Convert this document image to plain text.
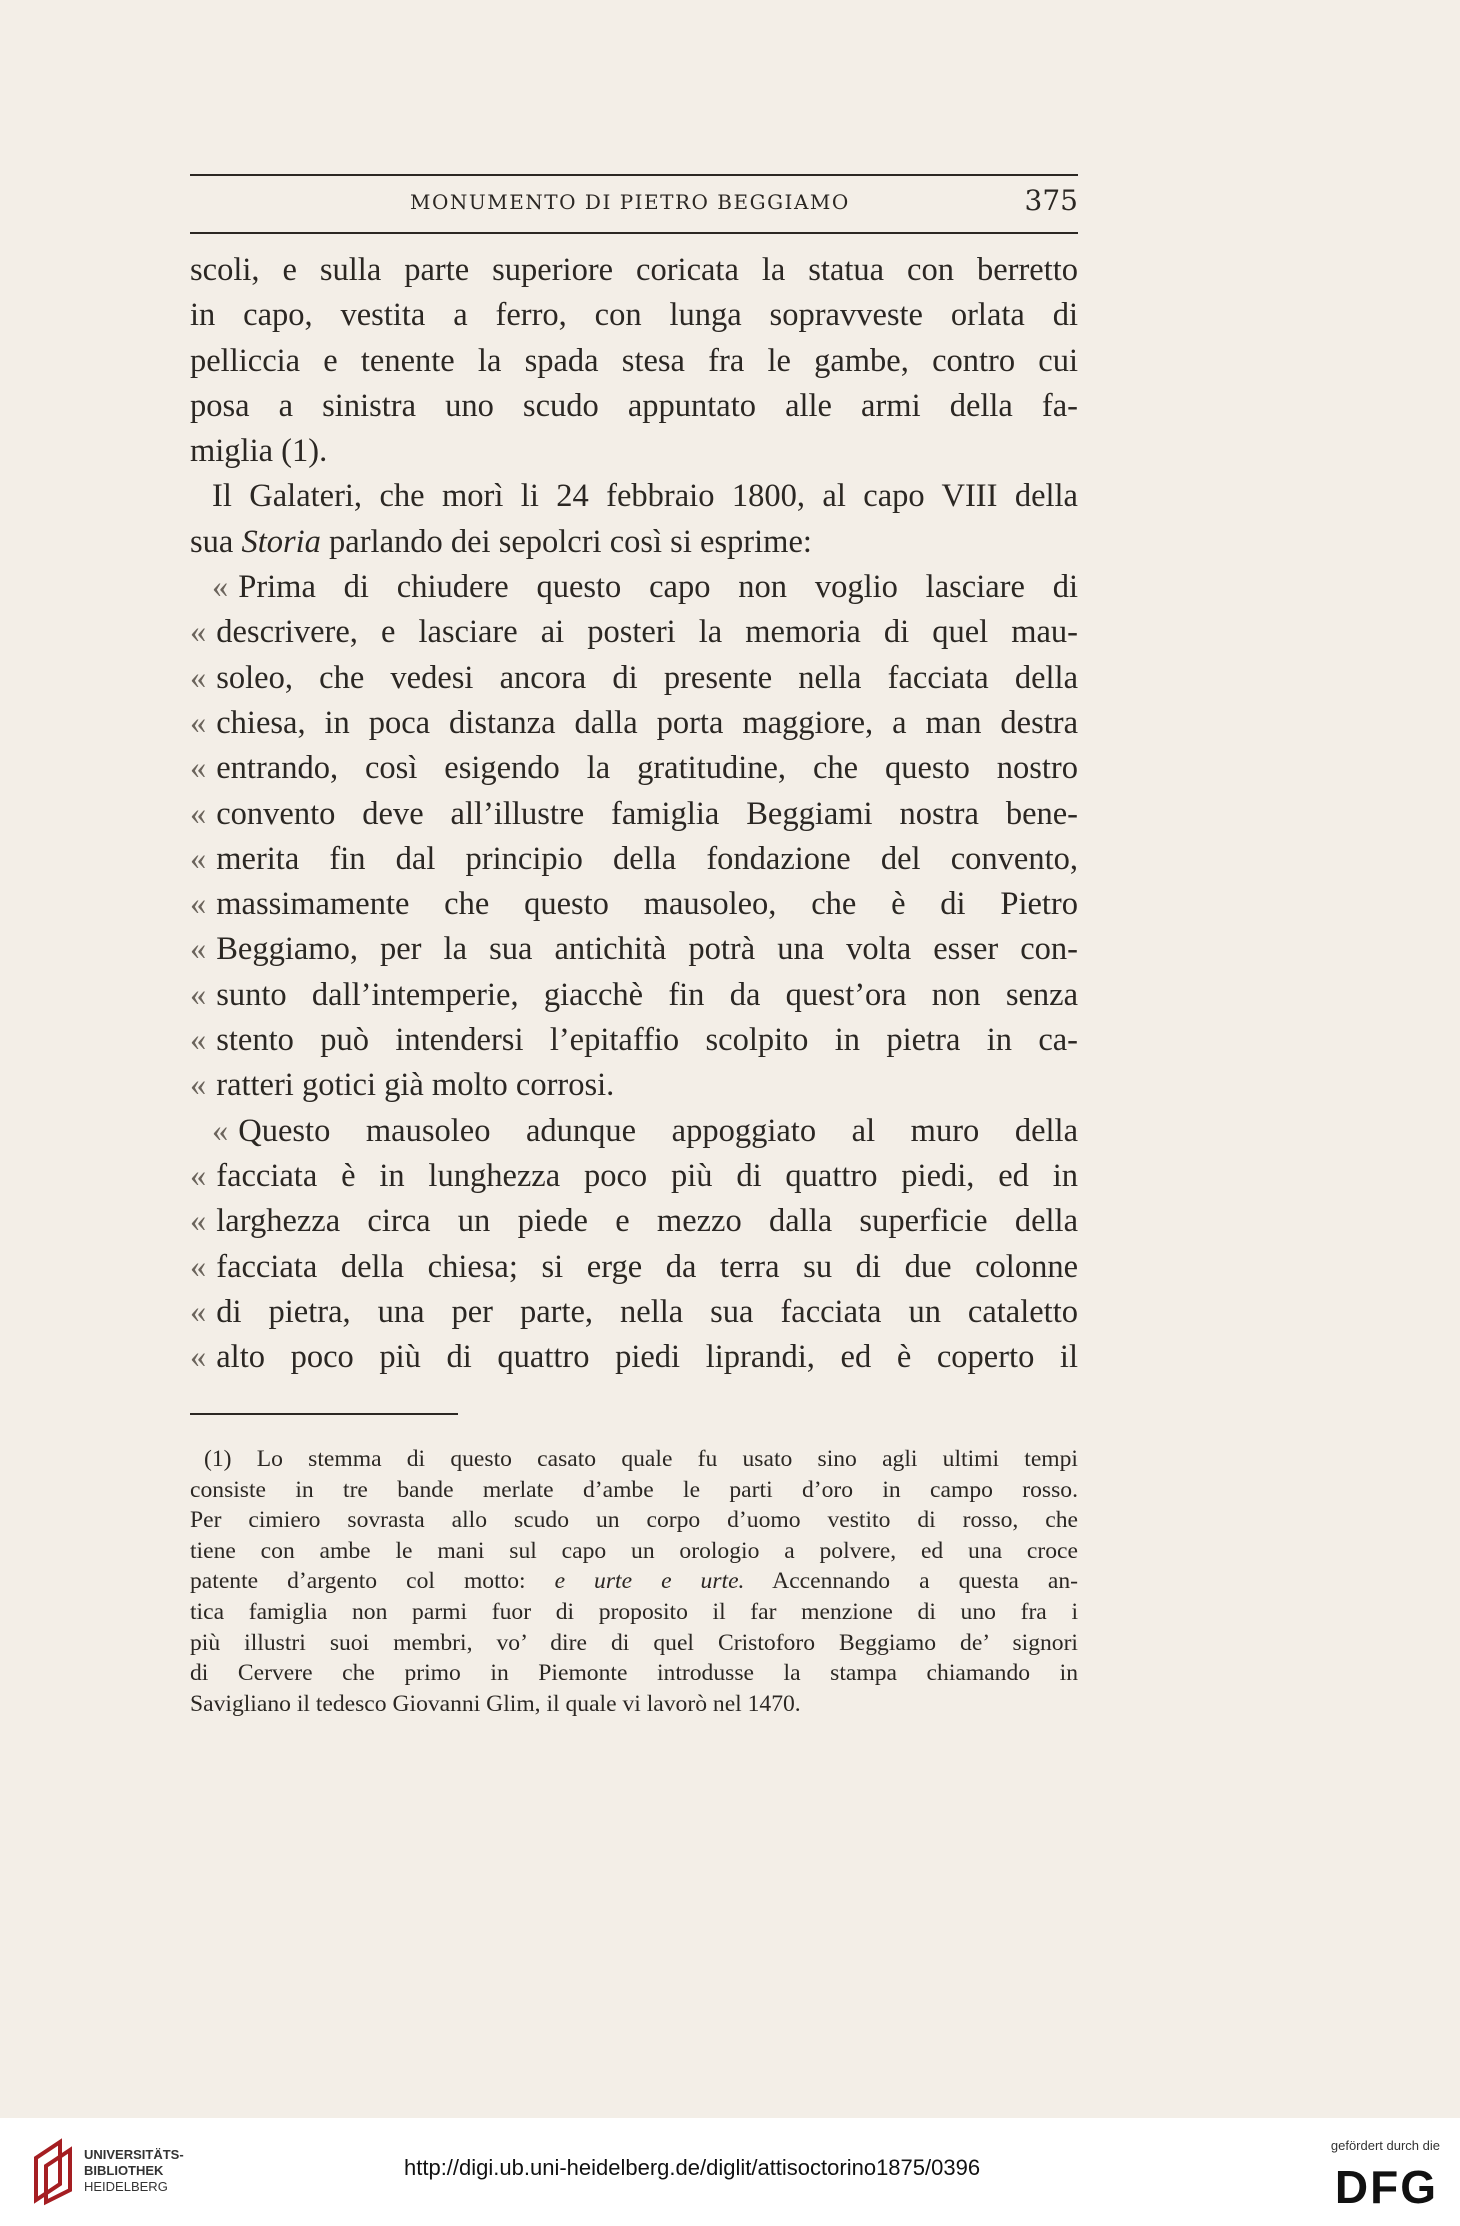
MONUMENTO DI PIETRO BEGGIAMO	375
scoli, e sulla parte superiore coricata la statua con berretto
in capo, vestita a ferro, con lunga sopravveste orlata di
pelliccia e tenente la spada stesa fra le gambe, contro cui
posa a sinistra uno scudo appuntato alle armi della fa-
miglia (1).
Il Galateri, che morì li 24 febbraio 1800, al capo VIII della
sua Storia parlando dei sepolcri così si esprime:
« Prima di chiudere questo capo non voglio lasciare di
« descrivere, e lasciare ai posteri la memoria di quel mau-
« soleo, che vedesi ancora di presente nella facciata della
« chiesa, in poca distanza dalla porta maggiore, a man destra
« entrando, così esigendo la gratitudine, che questo nostro
« convento deve all’illustre famiglia Beggiami nostra bene-
« merita fin dal principio della fondazione del convento,
« massimamente che questo mausoleo, che è di Pietro
« Beggiamo, per la sua antichità potrà una volta esser con-
« sunto dall’intemperie, giacchè fin da quest’ora non senza
« stento può intendersi l’epitaffio scolpito in pietra in ca-
« ratteri gotici già molto corrosi.
« Questo mausoleo adunque appoggiato al muro della
« facciata è in lunghezza poco più di quattro piedi, ed in
« larghezza circa un piede e mezzo dalla superficie della
« facciata della chiesa; si erge da terra su di due colonne
« di pietra, una per parte, nella sua facciata un cataletto
« alto poco più di quattro piedi liprandi, ed è coperto il
(1) Lo stemma di questo casato quale fu usato sino agli ultimi tempi
consiste in tre bande merlate d’ambe le parti d’oro in campo rosso.
Per cimiero sovrasta allo scudo un corpo d’uomo vestito di rosso, che
tiene con ambe le mani sul capo un orologio a polvere, ed una croce
patente d’argento col motto: e urte e urte. Accennando a questa an-
tica famiglia non parmi fuor di proposito il far menzione di uno fra i
più illustri suoi membri, vo’ dire di quel Cristoforo Beggiamo de’ signori
di Cervere che primo in Piemonte introdusse la stampa chiamando in
Savigliano il tedesco Giovanni Glim, il quale vi lavorò nel 1470.
UNIVERSITÄTS-
BIBLIOTHEK
HEIDELBERG
http://digi.ub.uni-heidelberg.de/diglit/attisoctorino1875/0396
gefördert durch die
DFG
